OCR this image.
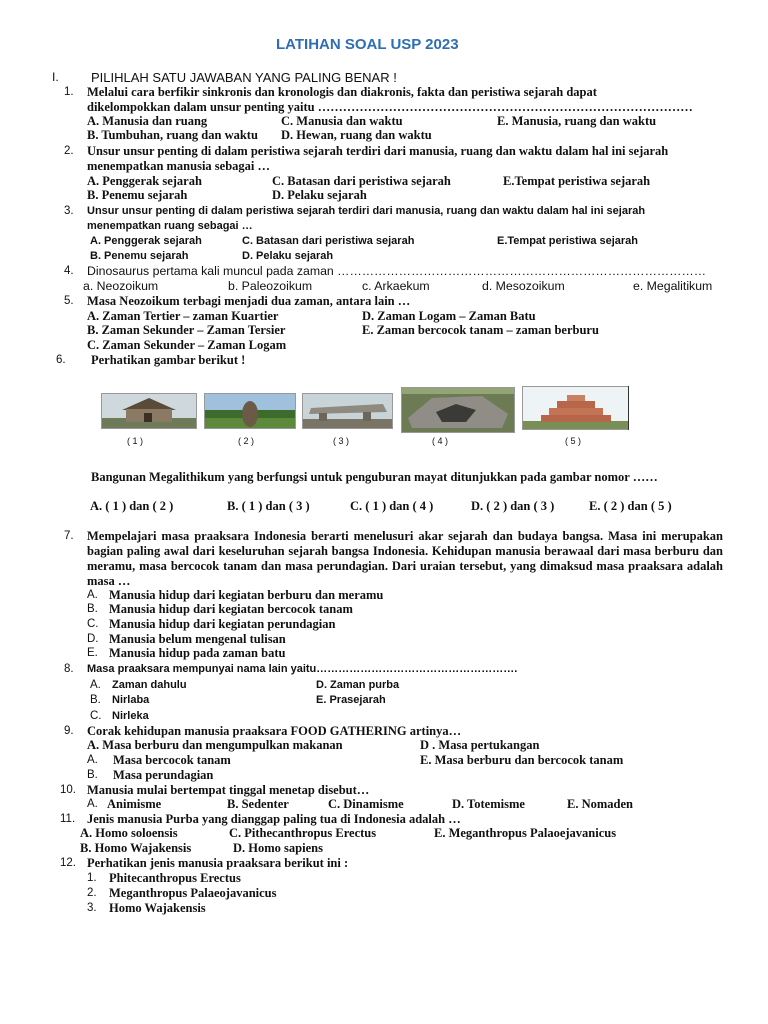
LATIHAN SOAL USP 2023
I. PILIHLAH SATU JAWABAN YANG PALING BENAR !
1. Melalui cara berfikir sinkronis dan kronologis dan diakronis, fakta dan peristiwa sejarah dapat
dikelompokkan dalam unsur penting yaitu ………………………………………………………………………………
A. Manusia dan ruang	C. Manusia dan waktu	E. Manusia, ruang dan waktu
B. Tumbuhan, ruang dan waktu D. Hewan, ruang dan waktu
2. Unsur unsur penting di dalam peristiwa sejarah terdiri dari manusia, ruang dan waktu dalam hal ini sejarah
menempatkan manusia sebagai …
A. Penggerak sejarah	C. Batasan dari peristiwa sejarah	E.Tempat peristiwa sejarah
B. Penemu sejarah	D. Pelaku sejarah
3. Unsur unsur penting di dalam peristiwa sejarah terdiri dari manusia, ruang dan waktu dalam hal ini sejarah
menempatkan ruang sebagai …
A. Penggerak sejarah	C. Batasan dari peristiwa sejarah	E.Tempat peristiwa sejarah
B. Penemu sejarah	D. Pelaku sejarah
4. Dinosaurus pertama kali muncul pada zaman ………………………………………………………………………………
a. Neozoikum	b. Paleozoikum	c. Arkaekum	d. Mesozoikum	e. Megalitikum
5. Masa Neozoikum terbagi menjadi dua zaman, antara lain …
A. Zaman Tertier – zaman Kuartier	D. Zaman Logam – Zaman Batu
B. Zaman Sekunder – Zaman Tersier	E. Zaman bercocok tanam – zaman berburu
C. Zaman Sekunder – Zaman Logam
6. Perhatikan gambar berikut !
( 1 )	( 2 )	( 3 )	( 4 )	( 5 )
Bangunan Megalithikum yang berfungsi untuk penguburan mayat ditunjukkan pada gambar nomor ……
A. ( 1 ) dan ( 2 )	B. ( 1 ) dan ( 3 )	C. ( 1 ) dan ( 4 )	D. ( 2 ) dan ( 3 )	E. ( 2 ) dan ( 5 )
7. Mempelajari masa praaksara Indonesia berarti menelusuri akar sejarah dan budaya bangsa. Masa ini merupakan bagian paling awal dari keseluruhan sejarah bangsa Indonesia. Kehidupan manusia berawaal dari masa berburu dan meramu, masa bercocok tanam dan masa perundagian. Dari uraian tersebut, yang dimaksud masa praaksara adalah masa …
A. Manusia hidup dari kegiatan berburu dan meramu
B. Manusia hidup dari kegiatan bercocok tanam
C. Manusia hidup dari kegiatan perundagian
D. Manusia belum mengenal tulisan
E. Manusia hidup pada zaman batu
8. Masa praaksara mempunyai nama lain yaitu……………………………………………….
A. Zaman dahulu	D. Zaman purba
B. Nirlaba	E. Prasejarah
C. Nirleka
9. Corak kehidupan manusia praaksara FOOD GATHERING artinya…
A. Masa berburu dan mengumpulkan makanan	D . Masa pertukangan
A. Masa bercocok tanam	E. Masa berburu dan bercocok tanam
B. Masa perundagian
10. Manusia mulai bertempat tinggal menetap disebut…
A. Animisme	B. Sedenter	C. Dinamisme	D. Totemisme	E. Nomaden
11. Jenis manusia Purba yang dianggap paling tua di Indonesia adalah …
A. Homo soloensis	C. Pithecanthropus Erectus	E. Meganthropus Palaoejavanicus
B. Homo Wajakensis	D. Homo sapiens
12. Perhatikan jenis manusia praaksara berikut ini :
1. Phitecanthropus Erectus
2. Meganthropus Palaeojavanicus
3. Homo Wajakensis
